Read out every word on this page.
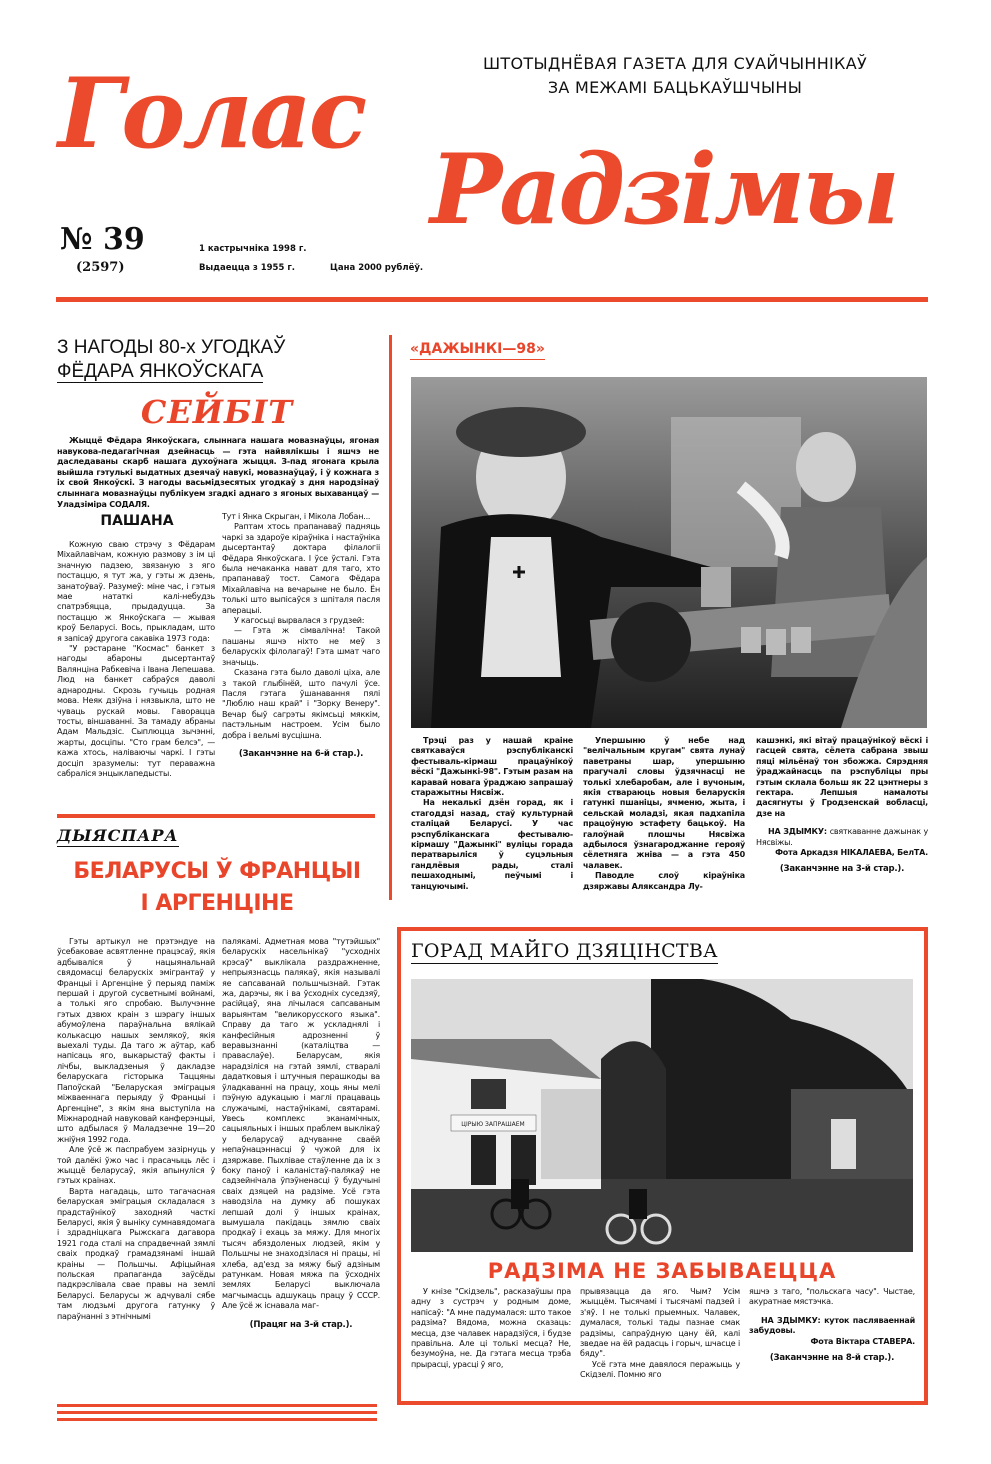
ШТОТЫДНЁВАЯ ГАЗЕТА ДЛЯ СУАЙЧЫННІКАЎ
ЗА МЕЖАМІ БАЦЬКАЎШЧЫНЫ
Голас
Радзімы
№ 39
(2597)
1 кастрычніка 1998 г.
Выдаецца з 1955 г.	Цана 2000 рублёў.
З НАГОДЫ 80-х УГОДКАЎ
ФЁДАРА ЯНКОЎСКАГА
СЕЙБІТ

Жыццё Фёдара Янкоўскага, слыннага нашага мовазнаўцы, ягоная навукова-педагагічная дзейнасць — гэта найвялікшы і яшчэ не даследаваны скарб нашага духоўнага жыцця. З-пад ягонага крыла выйшла гэтулькі выдатных дзеячаў навукі, мовазнаўцаў, і ў кожнага з іх свой Янкоўскі. З нагоды васьмідзесятых угодкаў з дня народзінаў слыннага мовазнаўцы публікуем згадкі аднаго з ягоных выхаванцаў — Уладзіміра СОДАЛЯ.

ПАШАНА

Кожную сваю стрэчу з Фёдарам Міхайлавічам, кожную размову з ім ці значную падзею, звязаную з яго постаццю, я тут жа, у гэты ж дзень, занатоўваў. Разумеў: міне час, і гэтыя мае нататкі калі-небудзь спатрэбяцца, прыдадуцца. За постаццю ж Янкоўскага — жывая кроў Беларусі. Вось, прыкладам, што я запісаў другога сакавіка 1973 года:

"У рэстаране "Космас" банкет з нагоды абароны дысертантаў Валянціна Рабкевіча і Івана Лепешава. Люд на банкет сабраўся даволі аднародны. Скрозь гучыць родная мова. Неяк дзіўна і нязвыкла, што не чуваць рускай мовы. Гаворацца тосты, віншаванні. За тамаду абраны Адам Мальдзіс. Сыплюцца зычэнні, жарты, досціпы. "Сто грам белсэ", — кажа хтось, наліваючы чаркі. І гэты досціп зразумелы: тут пераважна сабраліся энцыклапедысты.

Тут і Янка Скрыган, і Мікола Лобан...

Раптам хтось прапанаваў падняць чаркі за здароўе кіраўніка і настаўніка дысертантаў доктара філалогіі Фёдара Янкоўскага. І ўсе ўсталі. Гэта была нечаканка нават для таго, хто прапанаваў тост. Самога Фёдара Міхайлавіча на вечарыне не было. Ён толькі што выпісаўся з шпіталя пасля аперацыі.

У кагосьці вырвалася з грудзей:

— Гэта ж сімвалічна! Такой пашаны яшчэ ніхто не меў з беларускіх філолагаў! Гэта шмат чаго значыць.

Сказана гэта было даволі ціха, але з такой глыбінёй, што пачулі ўсе. Пасля гэтага ўшанавання пялі "Люблю наш край" і "Зорку Венеру". Вечар быў сагрэты якімсьці мяккім, пастэльным настроем. Усім было добра і вельмі вусцішна.

(Заканчэнне на 6-й стар.).
ДЫЯСПАРА
БЕЛАРУСЫ Ў ФРАНЦЫІ
І АРГЕНЦІНЕ

Гэты артыкул не прэтэндуе на ўсебаковае асвятленне працэсаў, якія адбываліся ў нацыянальнай свядомасці беларускіх эмігрантаў у Францыі і Аргенціне ў перыяд паміж першай і другой сусветнымі войнамі, а толькі яго спробаю. Вылучэнне гэтых дзвюх краін з шэрагу іншых абумоўлена параўнальна вялікай колькасцю нашых землякоў, якія выехалі туды. Да таго ж аўтар, каб напісаць яго, выкарыстаў факты і лічбы, выкладзеныя ў дакладзе беларускага гісторыка Таццяны Папоўскай "Беларуская эміграцыя міжваеннага перыяду ў Францыі і Аргенціне", з якім яна выступіла на Міжнароднай навуковай канферэнцыі, што адбылася ў Маладзечне 19—20 жніўня 1992 года.

Але ўсё ж паспрабуем зазірнуць у той далёкі ўжо час і прасачыць лёс і жыццё беларусаў, якія апынуліся ў гэтых краінах.

Варта нагадаць, што тагачасная беларуская эміграцыя складалася з прадстаўнікоў заходняй часткі Беларусі, якія ў выніку сумнавядомага і здрадніцкага Рыжскага дагавора 1921 года сталі на спрадвечнай зямлі сваіх продкаў грамадзянамі іншай краіны — Польшчы. Афіцыйная польская прапаганда заўсёды падкрэслівала свае правы на землі Беларусі. Беларусы ж адчувалі сябе там людзьмі другога гатунку ў параўнанні з этнічнымі

палякамі. Адметная мова "тутэйшых" беларускіх насельнікаў "усходніх крэсаў" выклікала раздражненне, непрыязнасць палякаў, якія называлі яе сапсаванай польшчызнай. Гэтак жа, дарэчы, як і ва ўсходніх суседзяў, расійцаў, яна лічылася сапсаваным варыянтам "великорусского языка". Справу да таго ж ускладнялі і канфесійныя адрозненні ў веравызнанні (каталіцтва — праваслаўе). Беларусам, якія нарадзіліся на гэтай зямлі, стваралі дадатковыя і штучныя перашкоды ва ўладкаванні на працу, хоць яны мелі пэўную адукацыю і маглі працаваць служачымі, настаўнікамі, святарамі. Увесь комплекс эканамічных, сацыяльных і іншых праблем выклікаў у беларусаў адчуванне сваёй непаўнацэннасці ў чужой для іх дзяржаве. Пыхлівае стаўленне да іх з боку паноў і каланістаў-палякаў не садзейнічала ўпэўненасці ў будучыні сваіх дзяцей на радзіме. Усё гэта наводзіла на думку аб пошуках лепшай долі ў іншых краінах, вымушала пакідаць зямлю сваіх продкаў і ехаць за мяжу. Для многіх тысяч абяздоленых людзей, якім у Польшчы не знаходзілася ні працы, ні хлеба, ад'езд за мяжу быў адзіным ратункам. Новая мяжа па ўсходніх землях Беларусі выключала магчымасць адшукаць працу ў СССР. Але ўсё ж існавала маг-

(Працяг на 3-й стар.).
«ДАЖЫНКІ—98»

Трэці раз у нашай краіне святкаваўся рэспубліканскі фестываль-кірмаш працаўнікоў вёскі "Дажынкі-98". Гэтым разам на каравай новага ўраджаю запрашаў старажытны Нясвіж.

На некалькі дзён горад, як і стагоддзі назад, стаў культурнай сталіцай Беларусі. У час рэспубліканскага фестывалю-кірмашу "Дажынкі" вуліцы горада ператварыліся ў суцэльныя гандлёвыя рады, сталі пешаходнымі, пеўчымі і танцуючымі.

Упершыню ў небе над "велічальным кругам" свята лунаў паветраны шар, упершыню прагучалі словы ўдзячнасці не толькі хлебаробам, але і вучоным, якія ствараюць новыя беларускія гатункі пшаніцы, ячменю, жыта, і сельскай моладзі, якая падхапіла працоўную эстафету бацькоў. На галоўнай плошчы Нясвіжа адбылося ўзнагароджанне герояў сёлетняга жніва — а гэта 450 чалавек.

Паводле слоў кіраўніка дзяржавы Аляксандра Лу-

кашэнкі, які вітаў працаўнікоў вёскі і гасцей свята, сёлета сабрана звыш пяці мільёнаў тон збожжа. Сярэдняя ўраджайнасць па рэспубліцы пры гэтым склала больш як 22 цэнтнеры з гектара. Лепшыя намалоты дасягнуты ў Гродзенскай вобласці, дзе на

НА ЗДЫМКУ: святкаванне дажынак у Нясвіжы.

Фота Аркадзя НІКАЛАЕВА, БелТА.
(Заканчэнне на 3-й стар.).
ГОРАД МАЙГО ДЗЯЦІНСТВА
ЦІРЫЮ ЗАПРАШАЕМ
РАДЗІМА НЕ ЗАБЫВАЕЦЦА

У кнізе "Скідзель", расказаўшы пра адну з сустрэч у родным доме, напісаў: "А мне падумалася: што такое радзіма? Вядома, можна сказаць: месца, дзе чалавек нарадзіўся, і будзе правільна. Але ці толькі месца? Не, безумоўна, не. Да гэтага месца трэба прырасці, урасці ў яго,

прывязацца да яго. Чым? Усім жыццём. Тысячамі і тысячамі падзей і з'яў. І не толькі прыемных. Чалавек, думалася, толькі тады пазнае смак радзімы, сапраўдную цану ёй, калі зведае на ёй радасць і горыч, шчасце і бяду".

Усё гэта мне давялося перажыць у Скідзелі. Помню яго

яшчэ з таго, "польскага часу". Чыстае, акуратнае мястэчка.

НА ЗДЫМКУ: куток пасляваеннай забудовы.

Фота Віктара СТАВЕРА.
(Заканчэнне на 8-й стар.).
